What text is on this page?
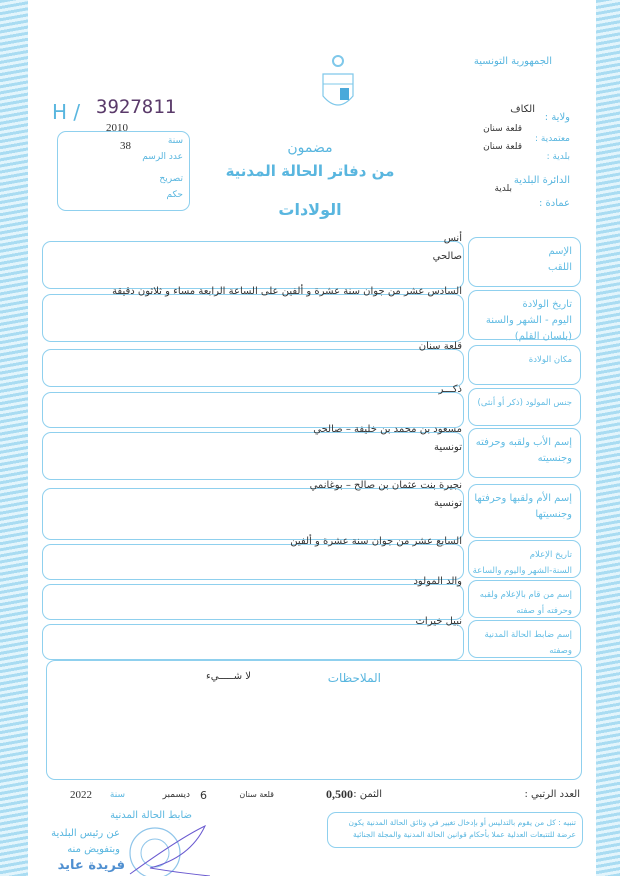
الجمهورية التونسية
الكاف
ولاية :
قلعة سنان
معتمدية :
قلعة سنان
بلدية :
الدائرة البلدية
بلدية
عمادة :
H / 3927811
2010
38	سنة
عدد الرسم
تصريح
حكم
مضمون
من دفاتر الحالة المدنية
الولادات
الإسم
اللقب
أنس
صالحي
تاريخ الولادة
اليوم - الشهر والسنة
(بلسان القلم)
السادس عشر من جوان سنة عشرة و ألفين على الساعة الرابعة مساء و ثلاثون دقيقة
مكان الولادة
قلعة سنان
جنس المولود (ذكر أو أنثى)
ذكـــر
إسم الأب ولقبه وحرفته
وجنسيته
مسعود بن محمد بن خليفة – صالحي
تونسية
إسم الأم ولقبها وحرفتها
وجنسيتها
نجيرة بنت عثمان بن صالح – بوغانمي
تونسية
تاريخ الإعلام
السنة-الشهر واليوم والساعة
السابع عشر من جوان سنة عشرة و ألفين
إسم من قام بالإعلام ولقبه
وحرفته أو صفته
والد المولود
إسم ضابط الحالة المدنية
وصفته
نبيل خيرات
الملاحظات
لا شـــــيء
العدد الرتبي :
الثمن :
0,500
قلعة سنان
6
ديسمبر
سنة
2022
ضابط الحالة المدنية
عن رئيس البلدية
وبتفويض منه
فريدة عايد
تنبيه : كل من يقوم بالتدليس أو بإدخال تغيير في وثائق الحالة المدنية يكون عرضة للتتبعات العدلية عملا بأحكام قوانين الحالة المدنية والمجلة الجنائية
